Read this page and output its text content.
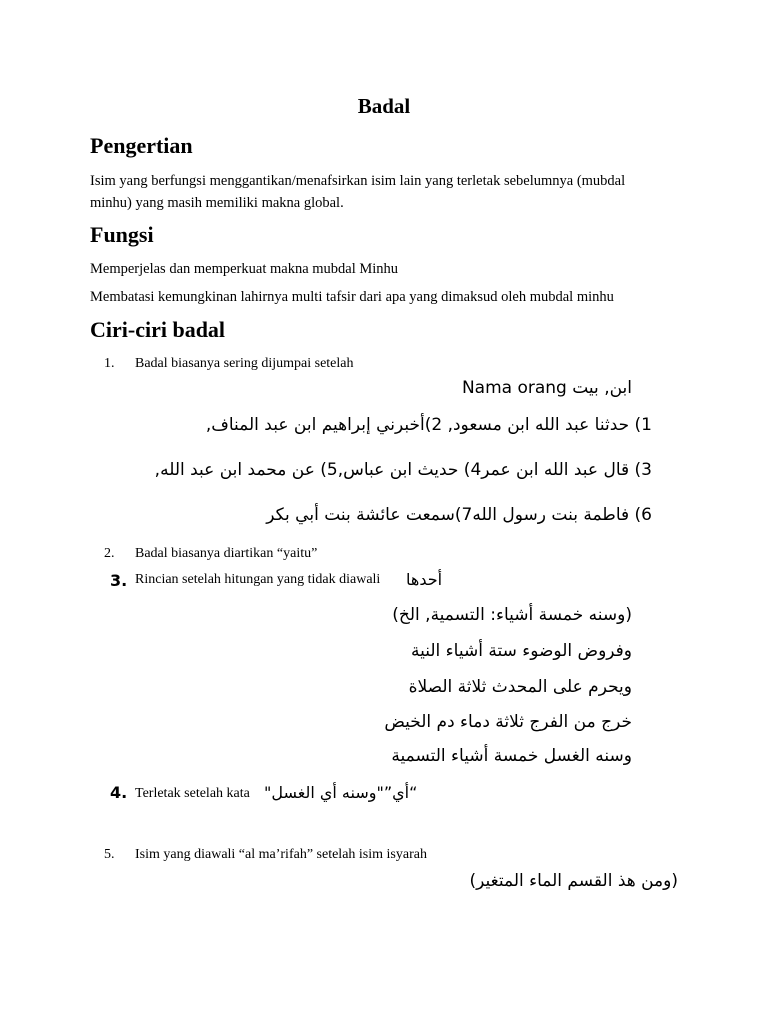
Badal
Pengertian
Isim yang berfungsi menggantikan/menafsirkan isim lain yang terletak sebelumnya (mubdal minhu) yang masih memiliki makna global.
Fungsi
Memperjelas dan memperkuat makna mubdal Minhu
Membatasi kemungkinan lahirnya multi tafsir dari apa yang dimaksud oleh mubdal minhu
Ciri-ciri badal
1. Badal biasanya sering dijumpai setelah
ابن, بيت Nama orang
1) حدثنا عبد الله ابن مسعود, 2)أخبرني إبراهيم ابن عبد المناف,
3) قال عبد الله ابن عمر4) حديث ابن عباس,5) عن محمد ابن عبد الله,
6) فاطمة بنت رسول الله7)سمعت عائشة بنت أبي بكر
2. Badal biasanya diartikan “yaitu”
3. Rincian setelah hitungan yang tidak diawali أحدها
(وسنه خمسة أشياء: التسمية, الخ)
وفروض الوضوء ستة أشياء النية
ويحرم على المحدث ثلاثة الصلاة
خرج من الفرج ثلاثة دماء دم الخيض
وسنه الغسل خمسة أشياء التسمية
4. Terletak setelah kata “أي”"وسنه أي الغسل"
5. Isim yang diawali “al ma’rifah” setelah isim isyarah
(ومن هذ القسم الماء المتغير)
